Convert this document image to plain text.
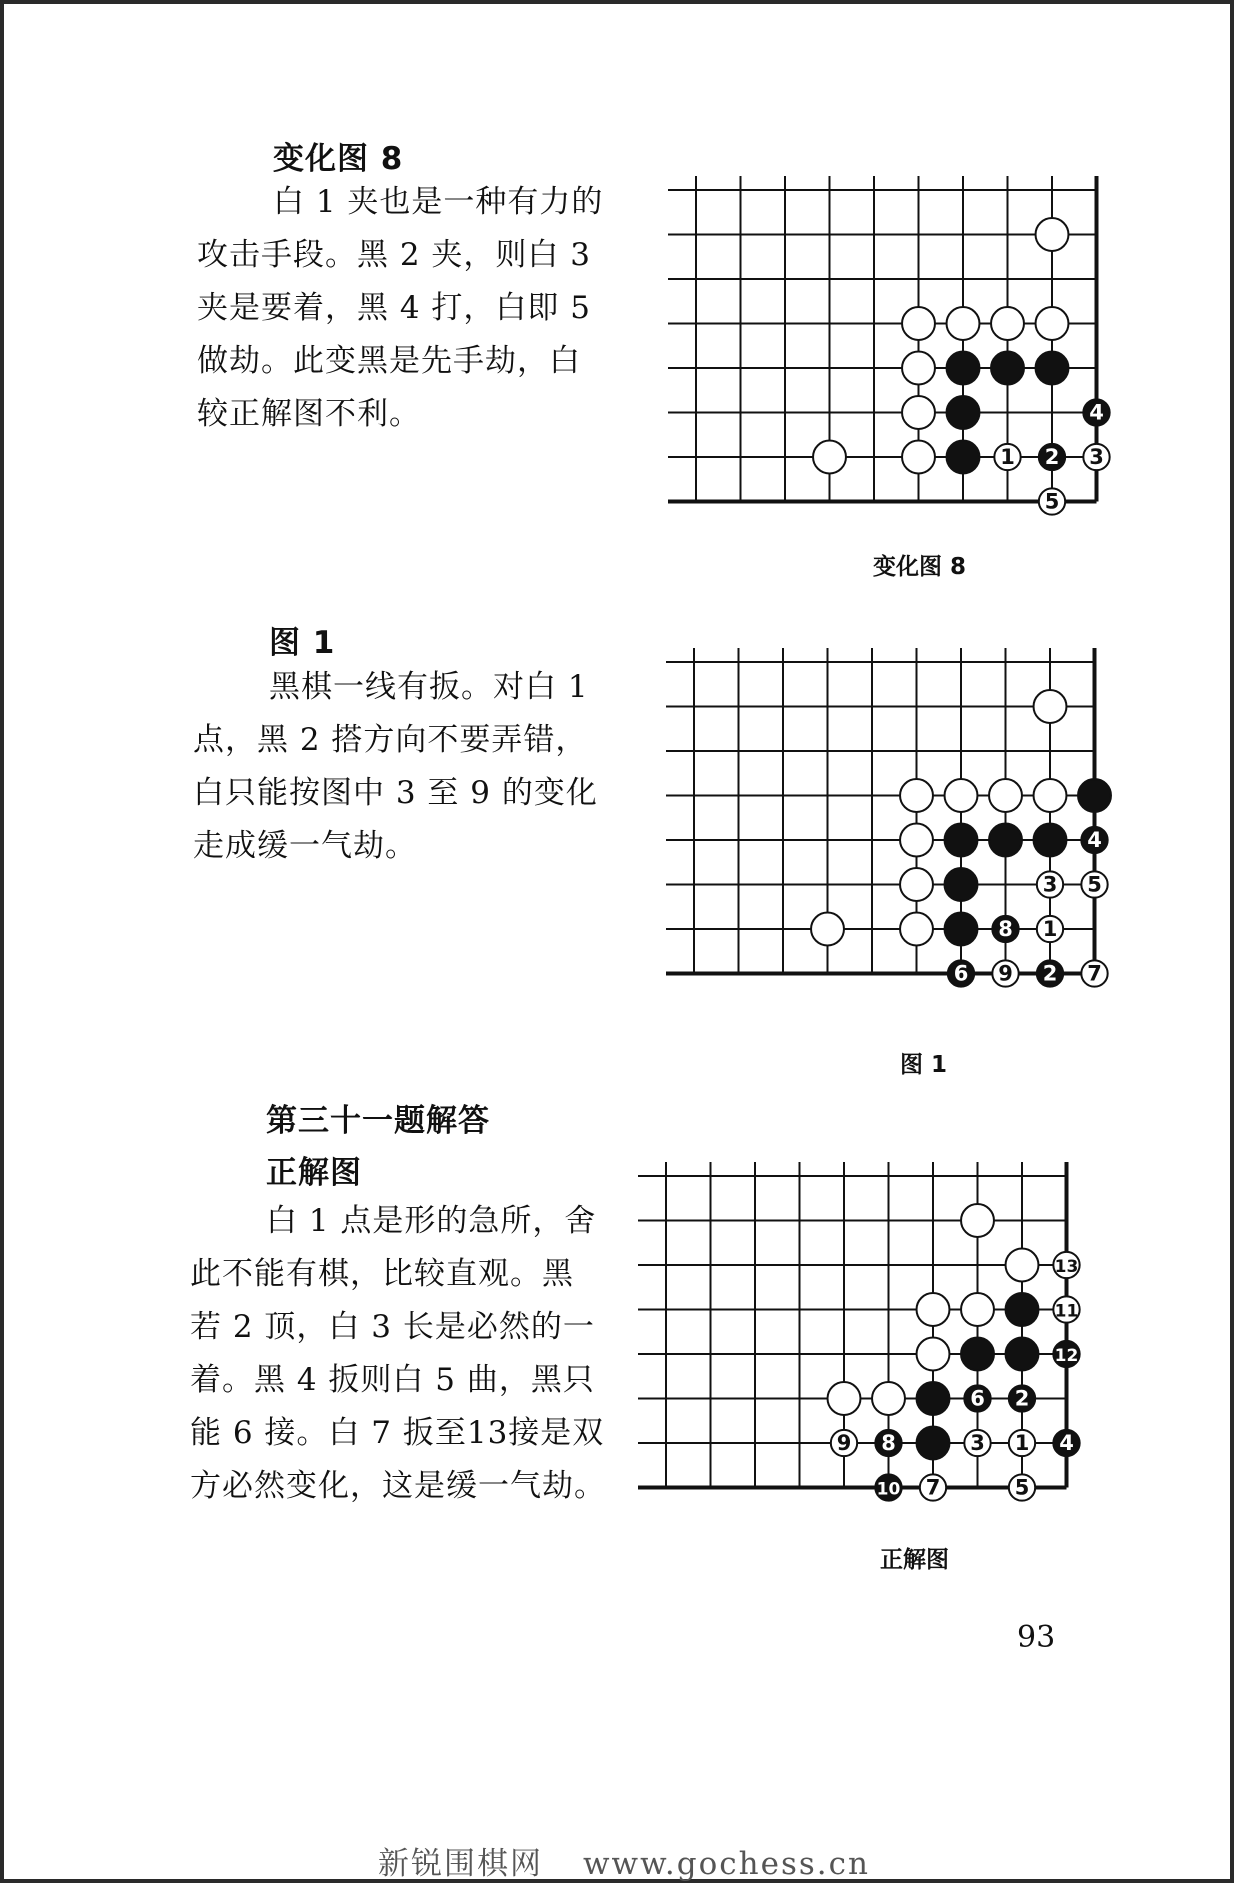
变化图 8

白 1 夹也是一种有力的

攻击手段。黑 2 夹，则白 3

夹是要着，黑 4 打，白即 5

做劫。此变黑是先手劫，白

较正解图不利。	4
1 2 3
5
变化图 8
图 1

黑棋一线有扳。对白 1

点，黑 2 搭方向不要弄错，

白只能按图中 3 至 9 的变化

走成缓一气劫。	4
3 5
8 1
6 9 2 7
图 1
第三十一题解答
正解图

白 1 点是形的急所，舍

此不能有棋，比较直观。黑

若 2 顶，白 3 长是必然的一

着。黑 4 扳则白 5 曲，黑只

能 6 接。白 7 扳至13接是双

方必然变化，这是缓一气劫。

13
11
12
6 2
9 8	3 1 4
10 7	5
正解图
93
新锐围棋网 www.gochess.cn
